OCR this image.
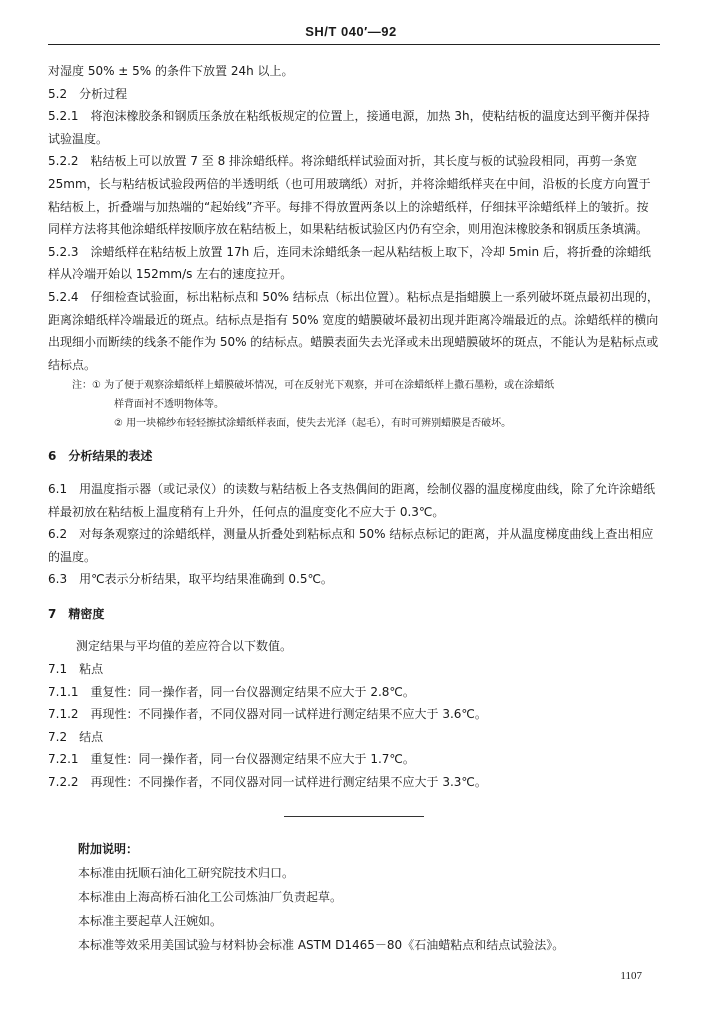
SH/T 040′—92

对湿度 50% ± 5% 的条件下放置 24h 以上。

5.2　分析过程

5.2.1　将泡沫橡胶条和钢质压条放在粘纸板规定的位置上，接通电源，加热 3h，使粘结板的温度达到平衡并保持试验温度。

5.2.2　粘结板上可以放置 7 至 8 排涂蜡纸样。将涂蜡纸样试验面对折，其长度与板的试验段相同，再剪一条宽 25mm，长与粘结板试验段两倍的半透明纸（也可用玻璃纸）对折，并将涂蜡纸样夹在中间，沿板的长度方向置于粘结板上，折叠端与加热端的“起始线”齐平。每排不得放置两条以上的涂蜡纸样，仔细抹平涂蜡纸样上的皱折。按同样方法将其他涂蜡纸样按顺序放在粘结板上，如果粘结板试验区内仍有空余，则用泡沫橡胶条和钢质压条填满。

5.2.3　涂蜡纸样在粘结板上放置 17h 后，连同未涂蜡纸条一起从粘结板上取下，冷却 5min 后，将折叠的涂蜡纸样从冷端开始以 152mm/s 左右的速度拉开。

5.2.4　仔细检查试验面，标出粘标点和 50% 结标点（标出位置）。粘标点是指蜡膜上一系列破坏斑点最初出现的，距离涂蜡纸样冷端最近的斑点。结标点是指有 50% 宽度的蜡膜破坏最初出现并距离冷端最近的点。涂蜡纸样的横向出现细小而断续的线条不能作为 50% 的结标点。蜡膜表面失去光泽或未出现蜡膜破坏的斑点，不能认为是粘标点或结标点。

注：① 为了便于观察涂蜡纸样上蜡膜破坏情况，可在反射光下观察，并可在涂蜡纸样上撒石墨粉，或在涂蜡纸

样背面衬不透明物体等。

② 用一块棉纱布轻轻擦拭涂蜡纸样表面，使失去光泽（起毛），有时可辨别蜡膜是否破坏。

6　分析结果的表述

6.1　用温度指示器（或记录仪）的读数与粘结板上各支热偶间的距离，绘制仪器的温度梯度曲线，除了允许涂蜡纸样最初放在粘结板上温度稍有上升外，任何点的温度变化不应大于 0.3℃。

6.2　对每条观察过的涂蜡纸样，测量从折叠处到粘标点和 50% 结标点标记的距离，并从温度梯度曲线上查出相应的温度。

6.3　用℃表示分析结果，取平均结果准确到 0.5℃。

7　精密度

测定结果与平均值的差应符合以下数值。

7.1　粘点

7.1.1　重复性：同一操作者，同一台仪器测定结果不应大于 2.8℃。

7.1.2　再现性：不同操作者，不同仪器对同一试样进行测定结果不应大于 3.6℃。

7.2　结点

7.2.1　重复性：同一操作者，同一台仪器测定结果不应大于 1.7℃。

7.2.2　再现性：不同操作者，不同仪器对同一试样进行测定结果不应大于 3.3℃。

附加说明：

本标准由抚顺石油化工研究院技术归口。

本标准由上海高桥石油化工公司炼油厂负责起草。

本标准主要起草人汪婉如。

本标准等效采用美国试验与材料协会标准 ASTM D1465－80《石油蜡粘点和结点试验法》。

1107
